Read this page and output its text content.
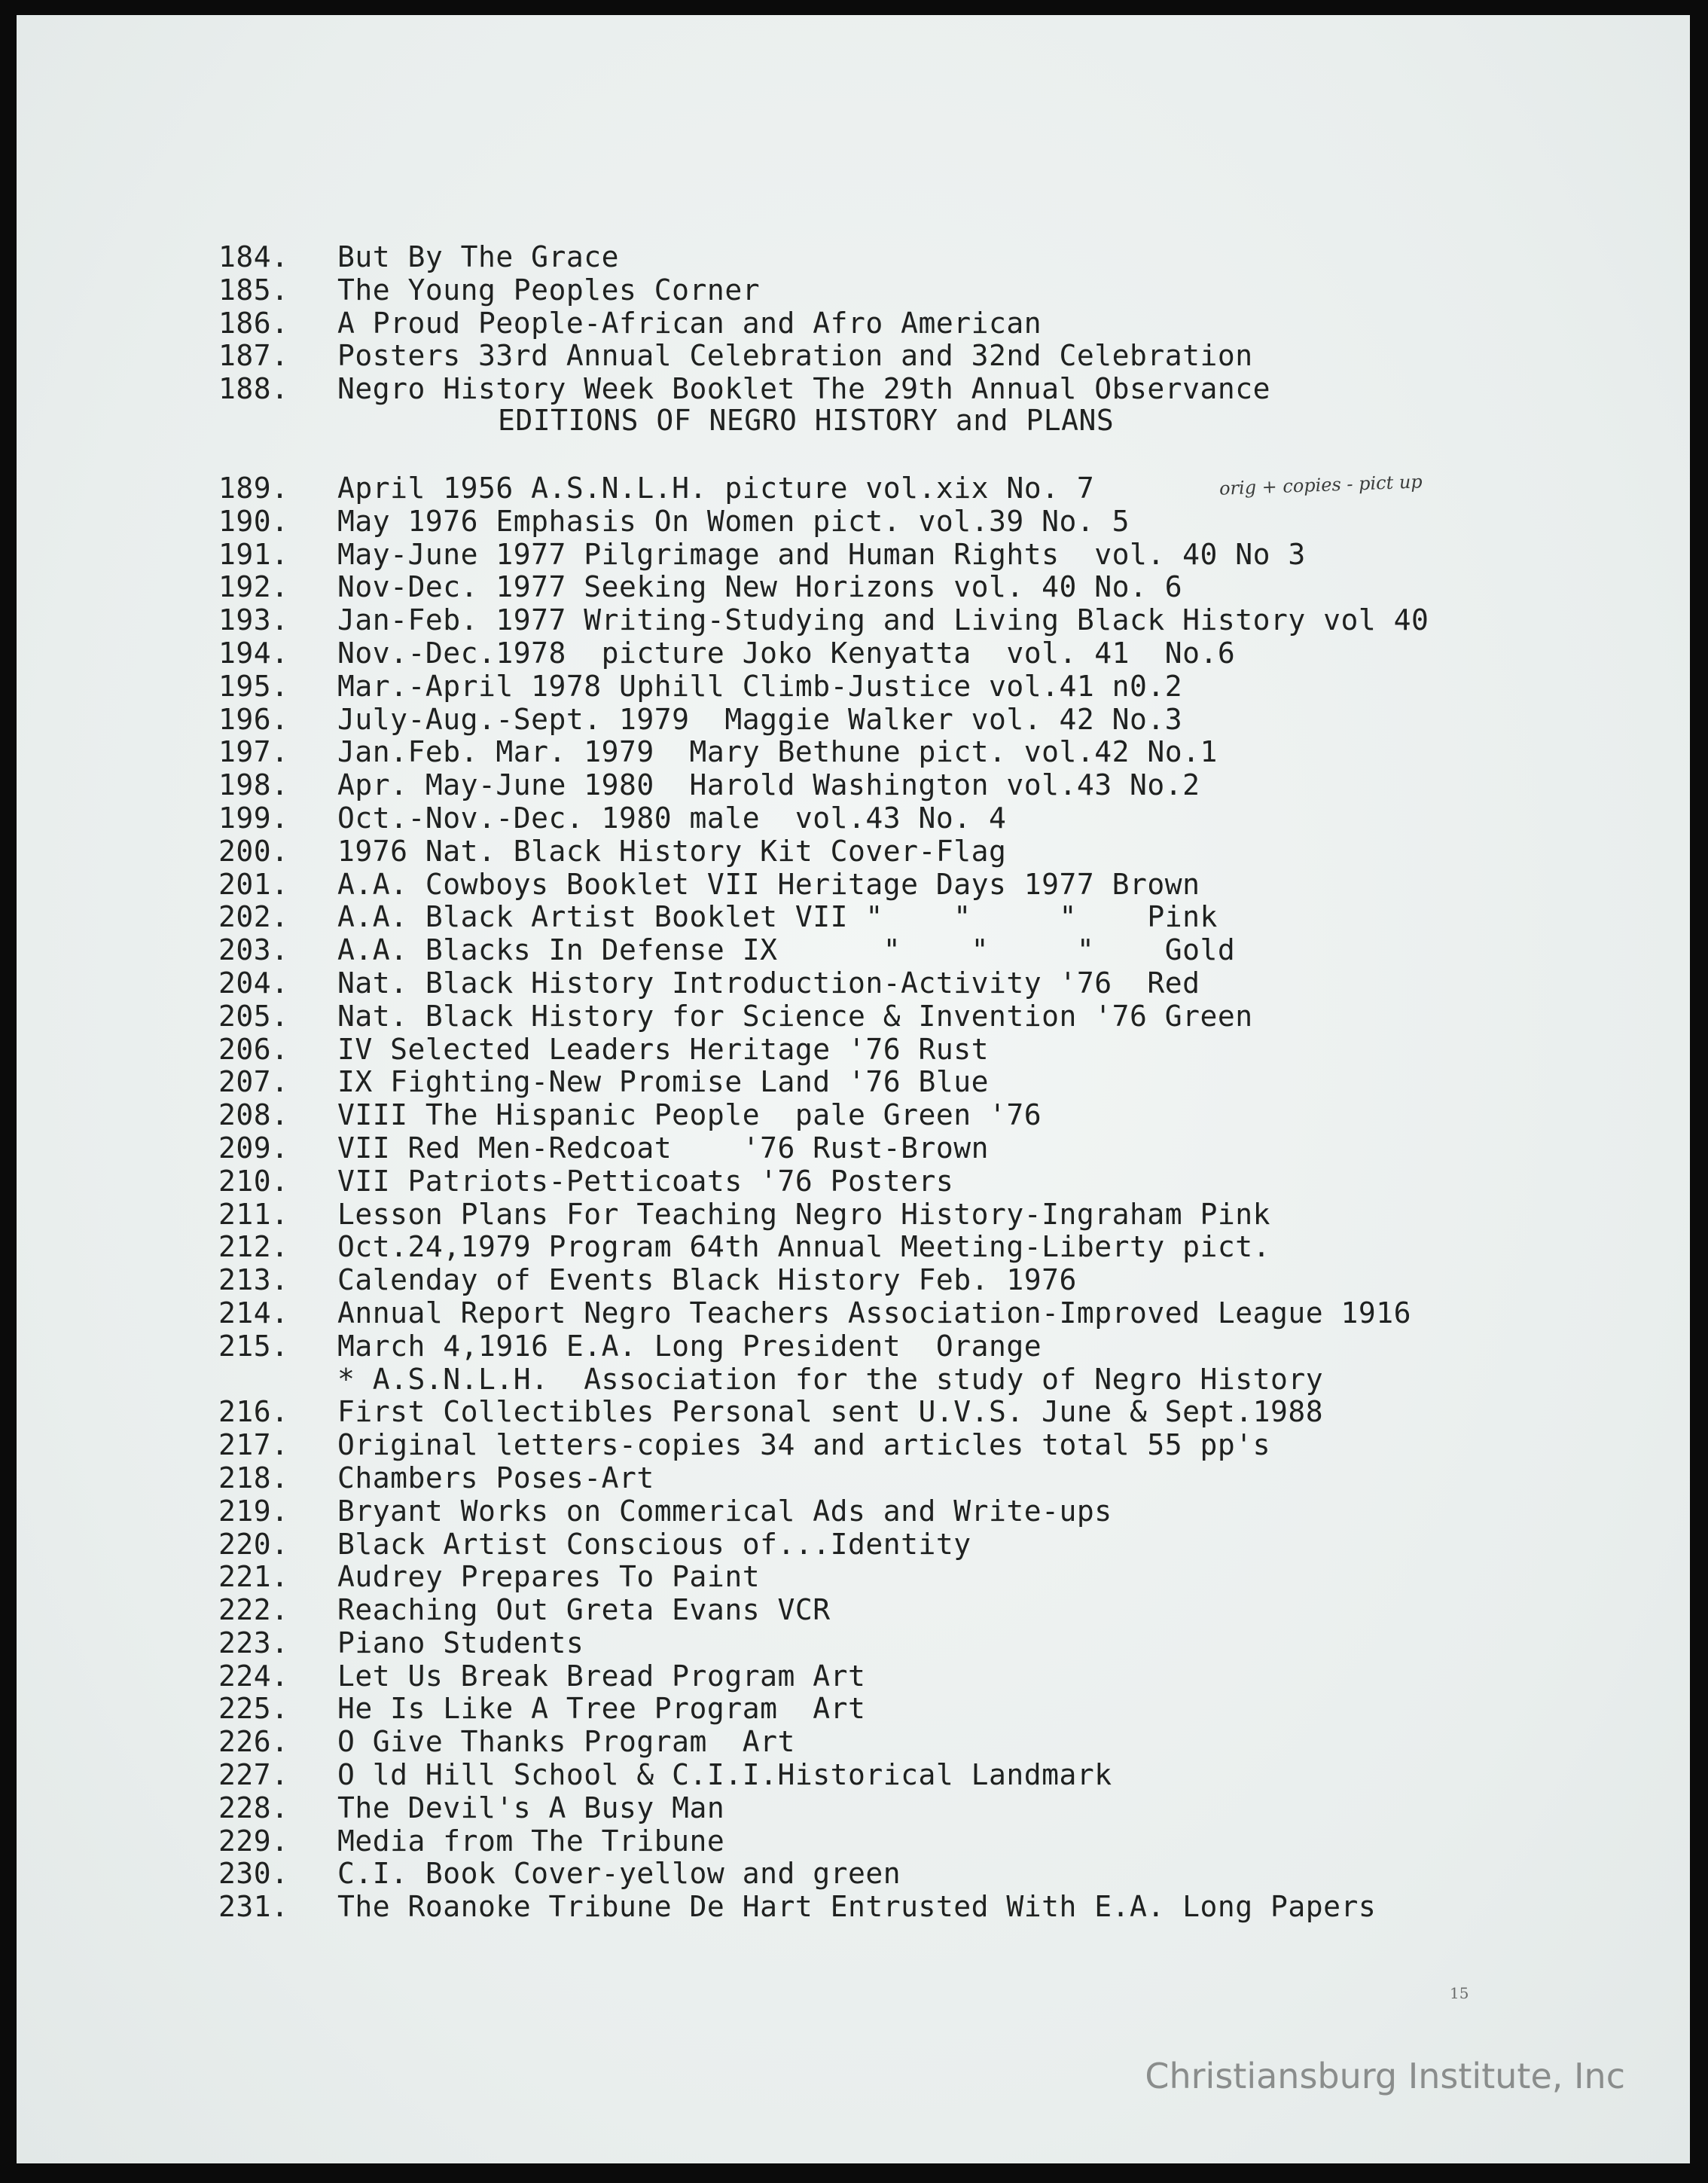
184.	But By The Grace
185.	The Young Peoples Corner
186.	A Proud People-African and Afro American
187.	Posters 33rd Annual Celebration and 32nd Celebration
188.	Negro History Week Booklet The 29th Annual Observance

EDITIONS OF NEGRO HISTORY and PLANS

189.	April 1956 A.S.N.L.H. picture vol.xix No. 7
190.	May 1976 Emphasis On Women pict. vol.39 No. 5
191.	May-June 1977 Pilgrimage and Human Rights  vol. 40 No 3
192.	Nov-Dec. 1977 Seeking New Horizons vol. 40 No. 6
193.	Jan-Feb. 1977 Writing-Studying and Living Black History vol 40
194.	Nov.-Dec.1978  picture Joko Kenyatta  vol. 41  No.6
195.	Mar.-April 1978 Uphill Climb-Justice vol.41 n0.2
196.	July-Aug.-Sept. 1979  Maggie Walker vol. 42 No.3
197.	Jan.Feb. Mar. 1979  Mary Bethune pict. vol.42 No.1
198.	Apr. May-June 1980  Harold Washington vol.43 No.2
199.	Oct.-Nov.-Dec. 1980 male  vol.43 No. 4
200.	1976 Nat. Black History Kit Cover-Flag
201.	A.A. Cowboys Booklet VII Heritage Days 1977 Brown
202.	A.A. Black Artist Booklet VII "    "     "    Pink
203.	A.A. Blacks In Defense IX      "    "     "    Gold
204.	Nat. Black History Introduction-Activity '76  Red
205.	Nat. Black History for Science & Invention '76 Green
206.	IV Selected Leaders Heritage '76 Rust
207.	IX Fighting-New Promise Land '76 Blue
208.	VIII The Hispanic People  pale Green '76
209.	VII Red Men-Redcoat    '76 Rust-Brown
210.	VII Patriots-Petticoats '76 Posters
211.	Lesson Plans For Teaching Negro History-Ingraham Pink
212.	Oct.24,1979 Program 64th Annual Meeting-Liberty pict.
213.	Calenday of Events Black History Feb. 1976
214.	Annual Report Negro Teachers Association-Improved League 1916
215.	March 4,1916 E.A. Long President  Orange
* A.S.N.L.H.  Association for the study of Negro History
216.	First Collectibles Personal sent U.V.S. June & Sept.1988
217.	Original letters-copies 34 and articles total 55 pp's
218.	Chambers Poses-Art
219.	Bryant Works on Commerical Ads and Write-ups
220.	Black Artist Conscious of...Identity
221.	Audrey Prepares To Paint
222.	Reaching Out Greta Evans VCR
223.	Piano Students
224.	Let Us Break Bread Program Art
225.	He Is Like A Tree Program  Art
226.	O Give Thanks Program  Art
227.	O ld Hill School & C.I.I.Historical Landmark
228.	The Devil's A Busy Man
229.	Media from The Tribune
230.	C.I. Book Cover-yellow and green
231.	The Roanoke Tribune De Hart Entrusted With E.A. Long Papers
orig + copies - pict up
15
Christiansburg Institute, Inc
